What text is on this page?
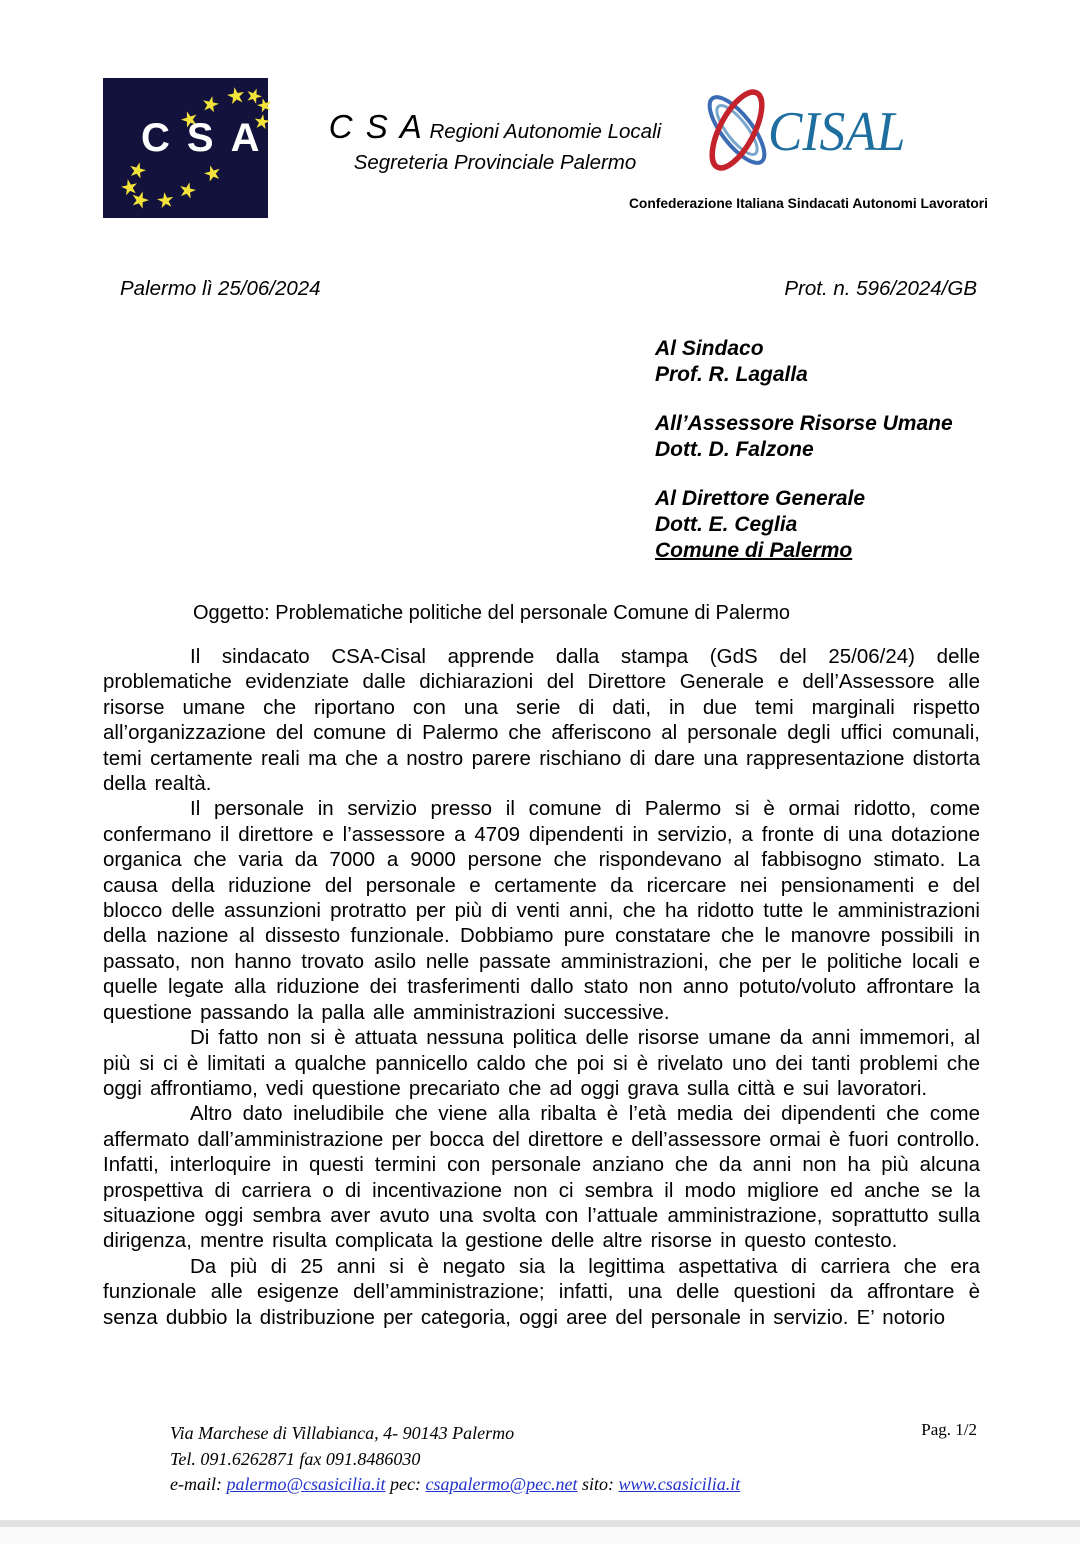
CSA	C S A Regioni Autonomie Locali
Segreteria Provinciale Palermo	CISAL
Confederazione Italiana Sindacati Autonomi Lavoratori
Palermo lì 25/06/2024	Prot. n. 596/2024/GB
Al Sindaco
Prof. R. Lagalla
All’Assessore Risorse Umane
Dott. D. Falzone
Al Direttore Generale
Dott. E. Ceglia
Comune di Palermo
Oggetto: Problematiche politiche del personale Comune di Palermo

Il sindacato CSA-Cisal apprende dalla stampa (GdS del 25/06/24) delle problematiche evidenziate dalle dichiarazioni del Direttore Generale e dell’Assessore alle risorse umane che riportano con una serie di dati, in due temi marginali rispetto all’organizzazione del comune di Palermo che afferiscono al personale degli uffici comunali, temi certamente reali ma che a nostro parere rischiano di dare una rappresentazione distorta della realtà.

Il personale in servizio presso il comune di Palermo si è ormai ridotto, come confermano il direttore e l’assessore a 4709 dipendenti in servizio, a fronte di una dotazione organica che varia da 7000 a 9000 persone che rispondevano al fabbisogno stimato. La causa della riduzione del personale e certamente da ricercare nei pensionamenti e del blocco delle assunzioni protratto per più di venti anni, che ha ridotto tutte le amministrazioni della nazione al dissesto funzionale. Dobbiamo pure constatare che le manovre possibili in passato, non hanno trovato asilo nelle passate amministrazioni, che per le politiche locali e quelle legate alla riduzione dei trasferimenti dallo stato non anno potuto/voluto affrontare la questione passando la palla alle amministrazioni successive.

Di fatto non si è attuata nessuna politica delle risorse umane da anni immemori, al più si ci è limitati a qualche pannicello caldo che poi si è rivelato uno dei tanti problemi che oggi affrontiamo, vedi questione precariato che ad oggi grava sulla città e sui lavoratori.

Altro dato ineludibile che viene alla ribalta è l’età media dei dipendenti che come affermato dall’amministrazione per bocca del direttore e dell’assessore ormai è fuori controllo. Infatti, interloquire in questi termini con personale anziano che da anni non ha più alcuna prospettiva di carriera o di incentivazione non ci sembra il modo migliore ed anche se la situazione oggi sembra aver avuto una svolta con l’attuale amministrazione, soprattutto sulla dirigenza, mentre risulta complicata la gestione delle altre risorse in questo contesto.

Da più di 25 anni si è negato sia la legittima aspettativa di carriera che era funzionale alle esigenze dell’amministrazione; infatti, una delle questioni da affrontare è senza dubbio la distribuzione per categoria, oggi aree del personale in servizio. E’ notorio

Via Marchese di Villabianca, 4- 90143 Palermo
Tel. 091.6262871 fax 091.8486030
e-mail: palermo@csasicilia.it pec: csapalermo@pec.net sito: www.csasicilia.it
Pag. 1/2
